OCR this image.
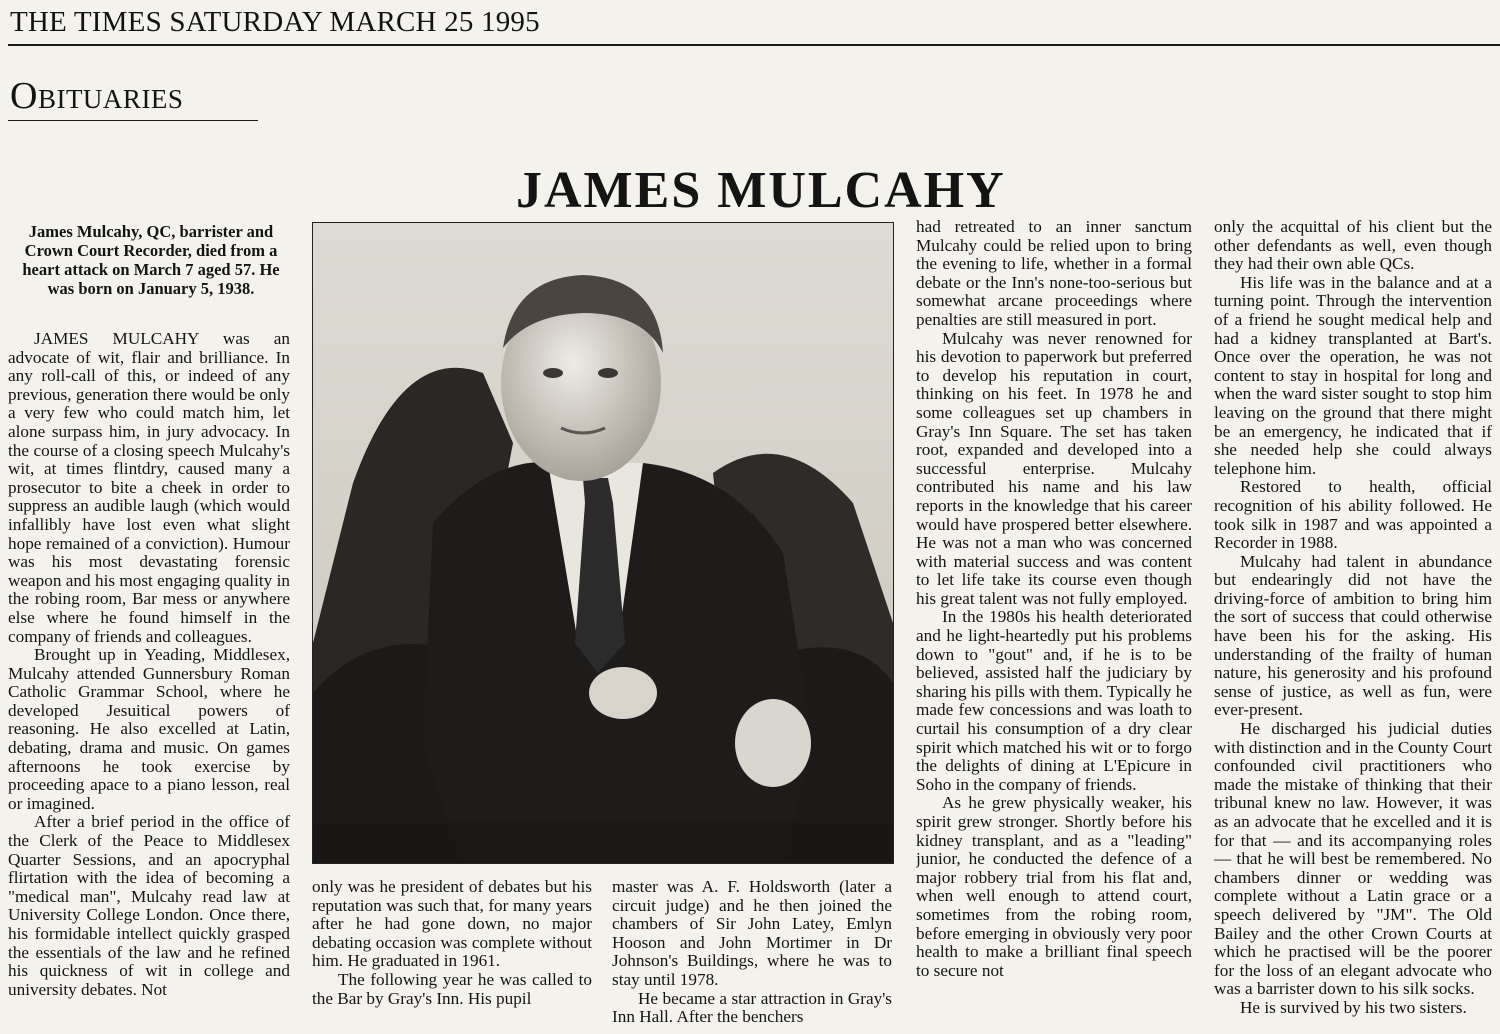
THE TIMES SATURDAY MARCH 25 1995
Obituaries
JAMES MULCAHY
James Mulcahy, QC, barrister and Crown Court Recorder, died from a heart attack on March 7 aged 57. He was born on January 5, 1938.

JAMES MULCAHY was an advocate of wit, flair and brilliance. In any roll-call of this, or indeed of any previous, generation there would be only a very few who could match him, let alone surpass him, in jury advocacy. In the course of a closing speech Mulcahy's wit, at times flintdry, caused many a prosecutor to bite a cheek in order to suppress an audible laugh (which would infallibly have lost even what slight hope remained of a conviction). Humour was his most devastating forensic weapon and his most engaging quality in the robing room, Bar mess or anywhere else where he found himself in the company of friends and colleagues.

Brought up in Yeading, Middlesex, Mulcahy attended Gunnersbury Roman Catholic Grammar School, where he developed Jesuitical powers of reasoning. He also excelled at Latin, debating, drama and music. On games afternoons he took exercise by proceeding apace to a piano lesson, real or imagined.

After a brief period in the office of the Clerk of the Peace to Middlesex Quarter Sessions, and an apocryphal flirtation with the idea of becoming a "medical man", Mulcahy read law at University College London. Once there, his formidable intellect quickly grasped the essentials of the law and he refined his quickness of wit in college and university debates. Not

only was he president of debates but his reputation was such that, for many years after he had gone down, no major debating occasion was complete without him. He graduated in 1961.

The following year he was called to the Bar by Gray's Inn. His pupil

master was A. F. Holdsworth (later a circuit judge) and he then joined the chambers of Sir John Latey, Emlyn Hooson and John Mortimer in Dr Johnson's Buildings, where he was to stay until 1978.

He became a star attraction in Gray's Inn Hall. After the benchers

had retreated to an inner sanctum Mulcahy could be relied upon to bring the evening to life, whether in a formal debate or the Inn's none-too-serious but somewhat arcane proceedings where penalties are still measured in port.

Mulcahy was never renowned for his devotion to paperwork but preferred to develop his reputation in court, thinking on his feet. In 1978 he and some colleagues set up chambers in Gray's Inn Square. The set has taken root, expanded and developed into a successful enterprise. Mulcahy contributed his name and his law reports in the knowledge that his career would have prospered better elsewhere. He was not a man who was concerned with material success and was content to let life take its course even though his great talent was not fully employed.

In the 1980s his health deteriorated and he light-heartedly put his problems down to "gout" and, if he is to be believed, assisted half the judiciary by sharing his pills with them. Typically he made few concessions and was loath to curtail his consumption of a dry clear spirit which matched his wit or to forgo the delights of dining at L'Epicure in Soho in the company of friends.

As he grew physically weaker, his spirit grew stronger. Shortly before his kidney transplant, and as a "leading" junior, he conducted the defence of a major robbery trial from his flat and, when well enough to attend court, sometimes from the robing room, before emerging in obviously very poor health to make a brilliant final speech to secure not

only the acquittal of his client but the other defendants as well, even though they had their own able QCs.

His life was in the balance and at a turning point. Through the intervention of a friend he sought medical help and had a kidney transplanted at Bart's. Once over the operation, he was not content to stay in hospital for long and when the ward sister sought to stop him leaving on the ground that there might be an emergency, he indicated that if she needed help she could always telephone him.

Restored to health, official recognition of his ability followed. He took silk in 1987 and was appointed a Recorder in 1988.

Mulcahy had talent in abundance but endearingly did not have the driving-force of ambition to bring him the sort of success that could otherwise have been his for the asking. His understanding of the frailty of human nature, his generosity and his profound sense of justice, as well as fun, were ever-present.

He discharged his judicial duties with distinction and in the County Court confounded civil practitioners who made the mistake of thinking that their tribunal knew no law. However, it was as an advocate that he excelled and it is for that — and its accompanying roles — that he will best be remembered. No chambers dinner or wedding was complete without a Latin grace or a speech delivered by "JM". The Old Bailey and the other Crown Courts at which he practised will be the poorer for the loss of an elegant advocate who was a barrister down to his silk socks.

He is survived by his two sisters.
